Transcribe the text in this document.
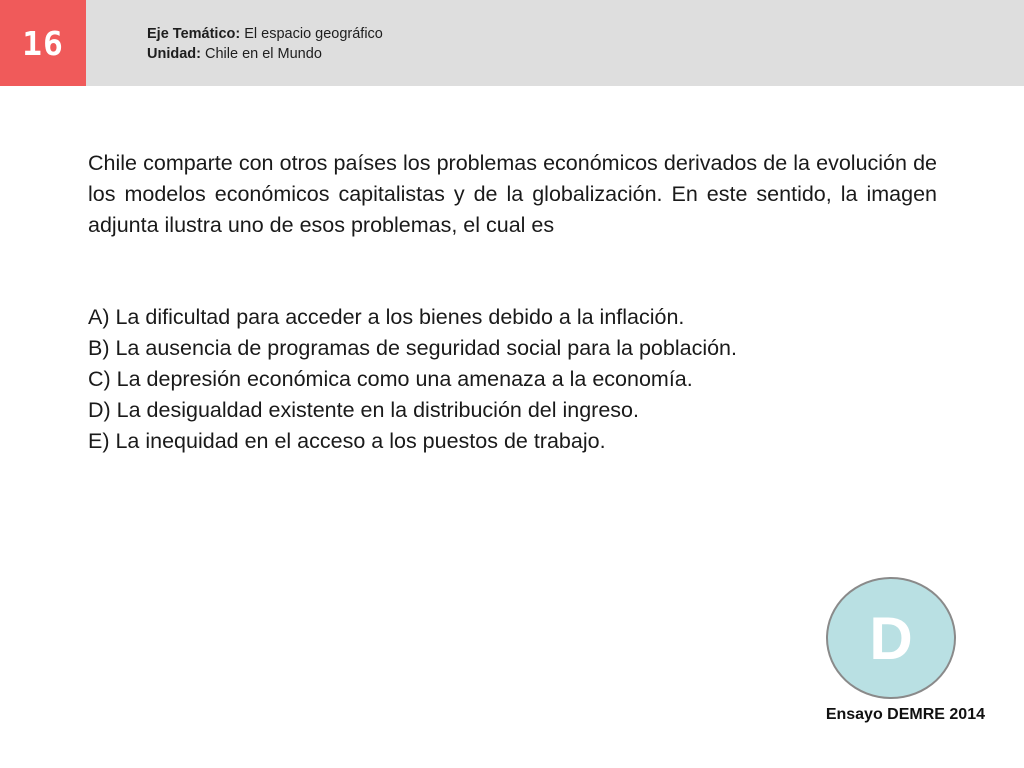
16	Eje Temático: El espacio geográfico
Unidad: Chile en el Mundo
Chile comparte con otros países los problemas económicos derivados de la evolución de los modelos económicos capitalistas y de la globalización. En este sentido, la imagen adjunta ilustra uno de esos problemas, el cual es
A) La dificultad para acceder a los bienes debido a la inflación.
B) La ausencia de programas de seguridad social para la población.
C) La depresión económica como una amenaza a la economía.
D) La desigualdad existente en la distribución del ingreso.
E) La inequidad en el acceso a los puestos de trabajo.
D
Ensayo DEMRE 2014
